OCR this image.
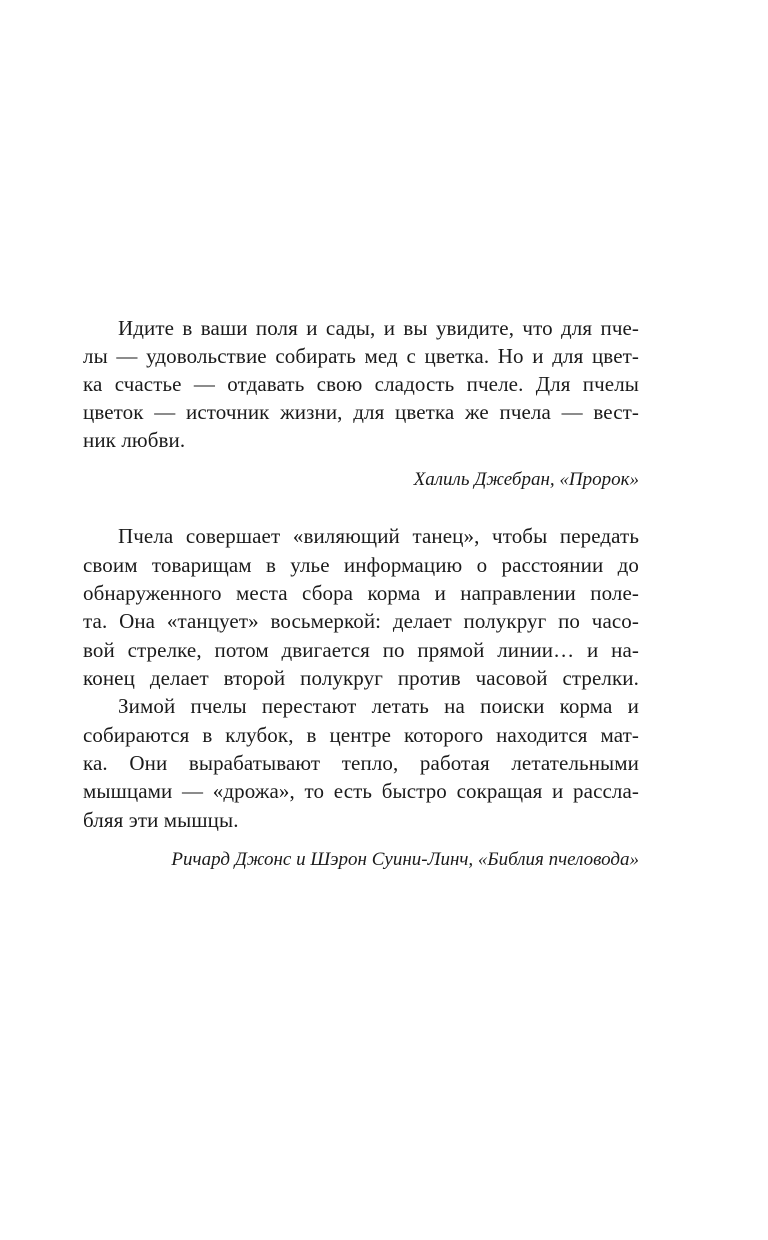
Идите в ваши поля и сады, и вы увидите, что для пче-
лы — удовольствие собирать мед с цветка. Но и для цвет-
ка счастье — отдавать свою сладость пчеле. Для пчелы
цветок — источник жизни, для цветка же пчела — вест-
ник любви.
Халиль Джебран, «Пророк»
Пчела совершает «виляющий танец», чтобы передать
своим товарищам в улье информацию о расстоянии до
обнаруженного места сбора корма и направлении поле-
та. Она «танцует» восьмеркой: делает полукруг по часо-
вой стрелке, потом двигается по прямой линии… и на-
конец делает второй полукруг против часовой стрелки.
Зимой пчелы перестают летать на поиски корма и
собираются в клубок, в центре которого находится мат-
ка. Они вырабатывают тепло, работая летательными
мышцами — «дрожа», то есть быстро сокращая и рассла-
бляя эти мышцы.
Ричард Джонс и Шэрон Суини-Линч, «Библия пчеловода»
